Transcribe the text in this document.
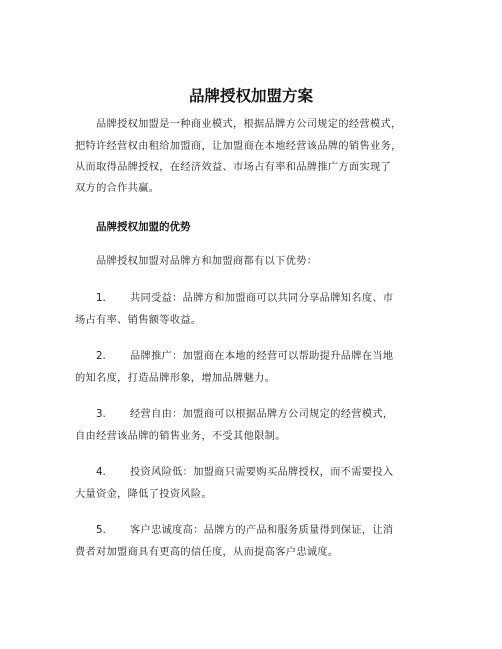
品牌授权加盟方案
品牌授权加盟是一种商业模式，根据品牌方公司规定的经营模式，
把特许经营权由租给加盟商，让加盟商在本地经营该品牌的销售业务，
从而取得品牌授权，在经济效益、市场占有率和品牌推广方面实现了
双方的合作共赢。
品牌授权加盟的优势
品牌授权加盟对品牌方和加盟商都有以下优势：
1. 共同受益：品牌方和加盟商可以共同分享品牌知名度、市
场占有率、销售额等收益。
2. 品牌推广：加盟商在本地的经营可以帮助提升品牌在当地
的知名度，打造品牌形象，增加品牌魅力。
3. 经营自由：加盟商可以根据品牌方公司规定的经营模式，
自由经营该品牌的销售业务，不受其他限制。
4. 投资风险低：加盟商只需要购买品牌授权，而不需要投入
大量资金，降低了投资风险。
5. 客户忠诚度高：品牌方的产品和服务质量得到保证，让消
费者对加盟商具有更高的信任度，从而提高客户忠诚度。
